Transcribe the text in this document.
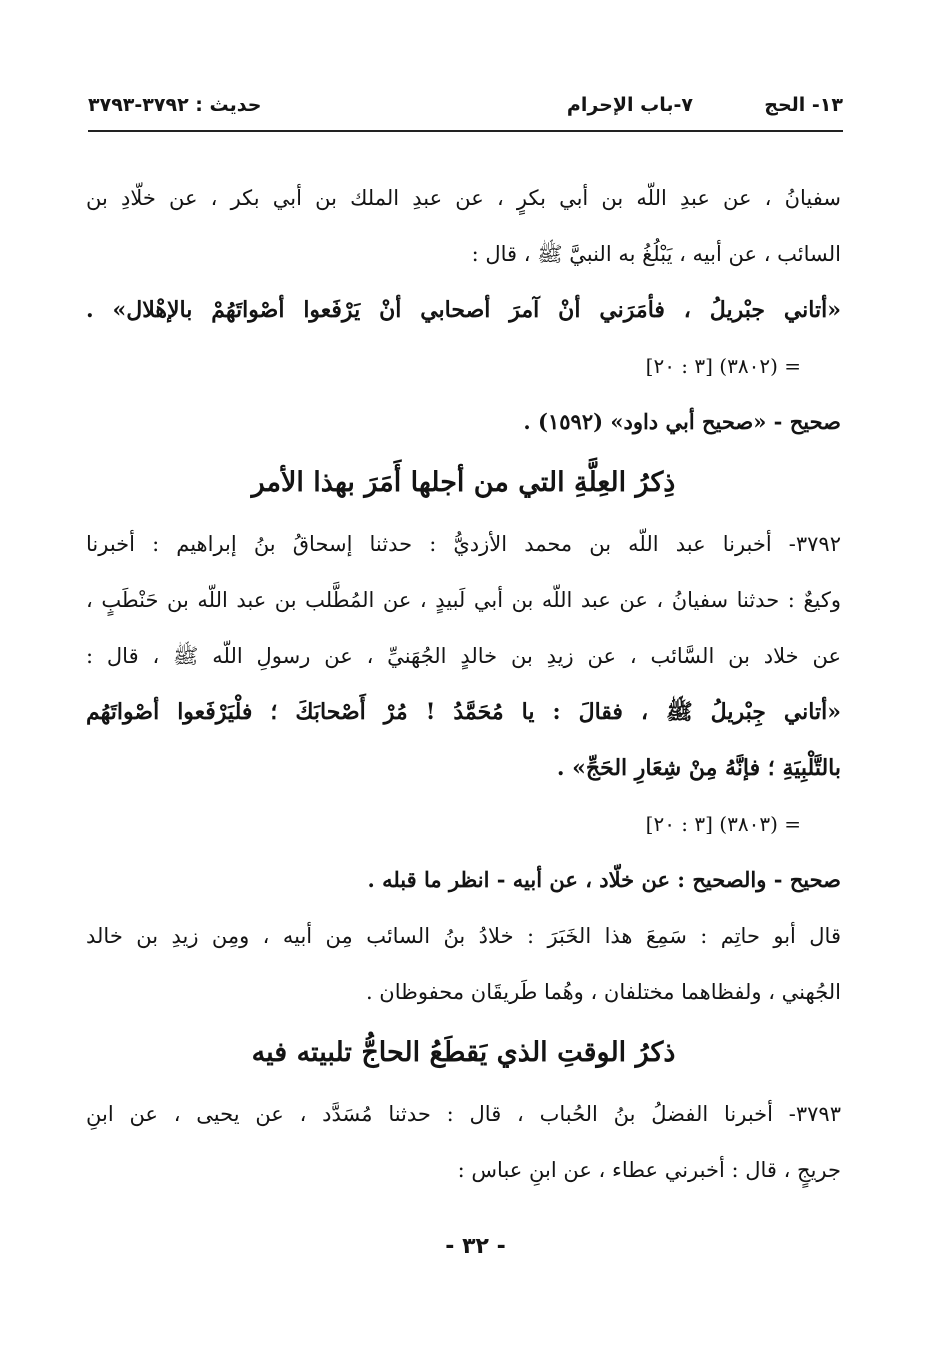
١٣- الحج
٧-باب الإحرام
حديث : ٣٧٩٢-٣٧٩٣
سفيانُ ، عن عبدِ اللّه بن أبي بكرٍ ، عن عبدِ الملك بن أبي بكر ، عن خلّادِ بن
السائب ، عن أبيه ، يَبْلُغُ به النبيَّ ﷺ ، قال :
«أتاني جبْريلُ ، فأمَرَني أنْ آمرَ أصحابي أنْ يَرْفَعوا أصْواتَهُمْ بالإهْلال» .
= (٣٨٠٢) [٣ : ٢٠]
صحيح - «صحيح أبي داود» (١٥٩٢) .
ذِكرُ العِلَّةِ التي من أجلها أَمَرَ بهذا الأمر
٣٧٩٢- أخبرنا عبد اللّه بن محمد الأزديُّ : حدثنا إسحاقُ بنُ إبراهيم : أخبرنا
وكيعٌ : حدثنا سفيانُ ، عن عبد اللّه بن أبي لَبيدٍ ، عن المُطَّلب بن عبد اللّه بن حَنْطَبٍ ،
عن خلاد بن السَّائب ، عن زيدِ بن خالدٍ الجُهَنيِّ ، عن رسولِ اللّه ﷺ ، قال :
«أتاني جِبْريلُ ﷺ ، فقالَ : يا مُحَمَّدُ ! مُرْ أَصْحابَكَ ؛ فلْيَرْفَعوا أصْواتَهُم
بالتَّلْبِيَةِ ؛ فإنَّهُ مِنْ شِعَارِ الحَجِّ» .
= (٣٨٠٣) [٣ : ٢٠]
صحيح - والصحيح : عن خلّاد ، عن أبيه - انظر ما قبله .
قال أبو حاتِم : سَمِعَ هذا الخَبَرَ : خلادُ بنُ السائب مِن أبيه ، ومِن زيدِ بن خالد
الجُهني ، ولفظاهما مختلفان ، وهُما طَريقَان محفوظان .
ذكرُ الوقتِ الذي يَقطَعُ الحاجُّ تلبيته فيه
٣٧٩٣- أخبرنا الفضلُ بنُ الحُباب ، قال : حدثنا مُسَدَّد ، عن يحيى ، عن ابنِ
جريجٍ ، قال : أخبرني عطاء ، عن ابنِ عباس :
- ٣٢ -
